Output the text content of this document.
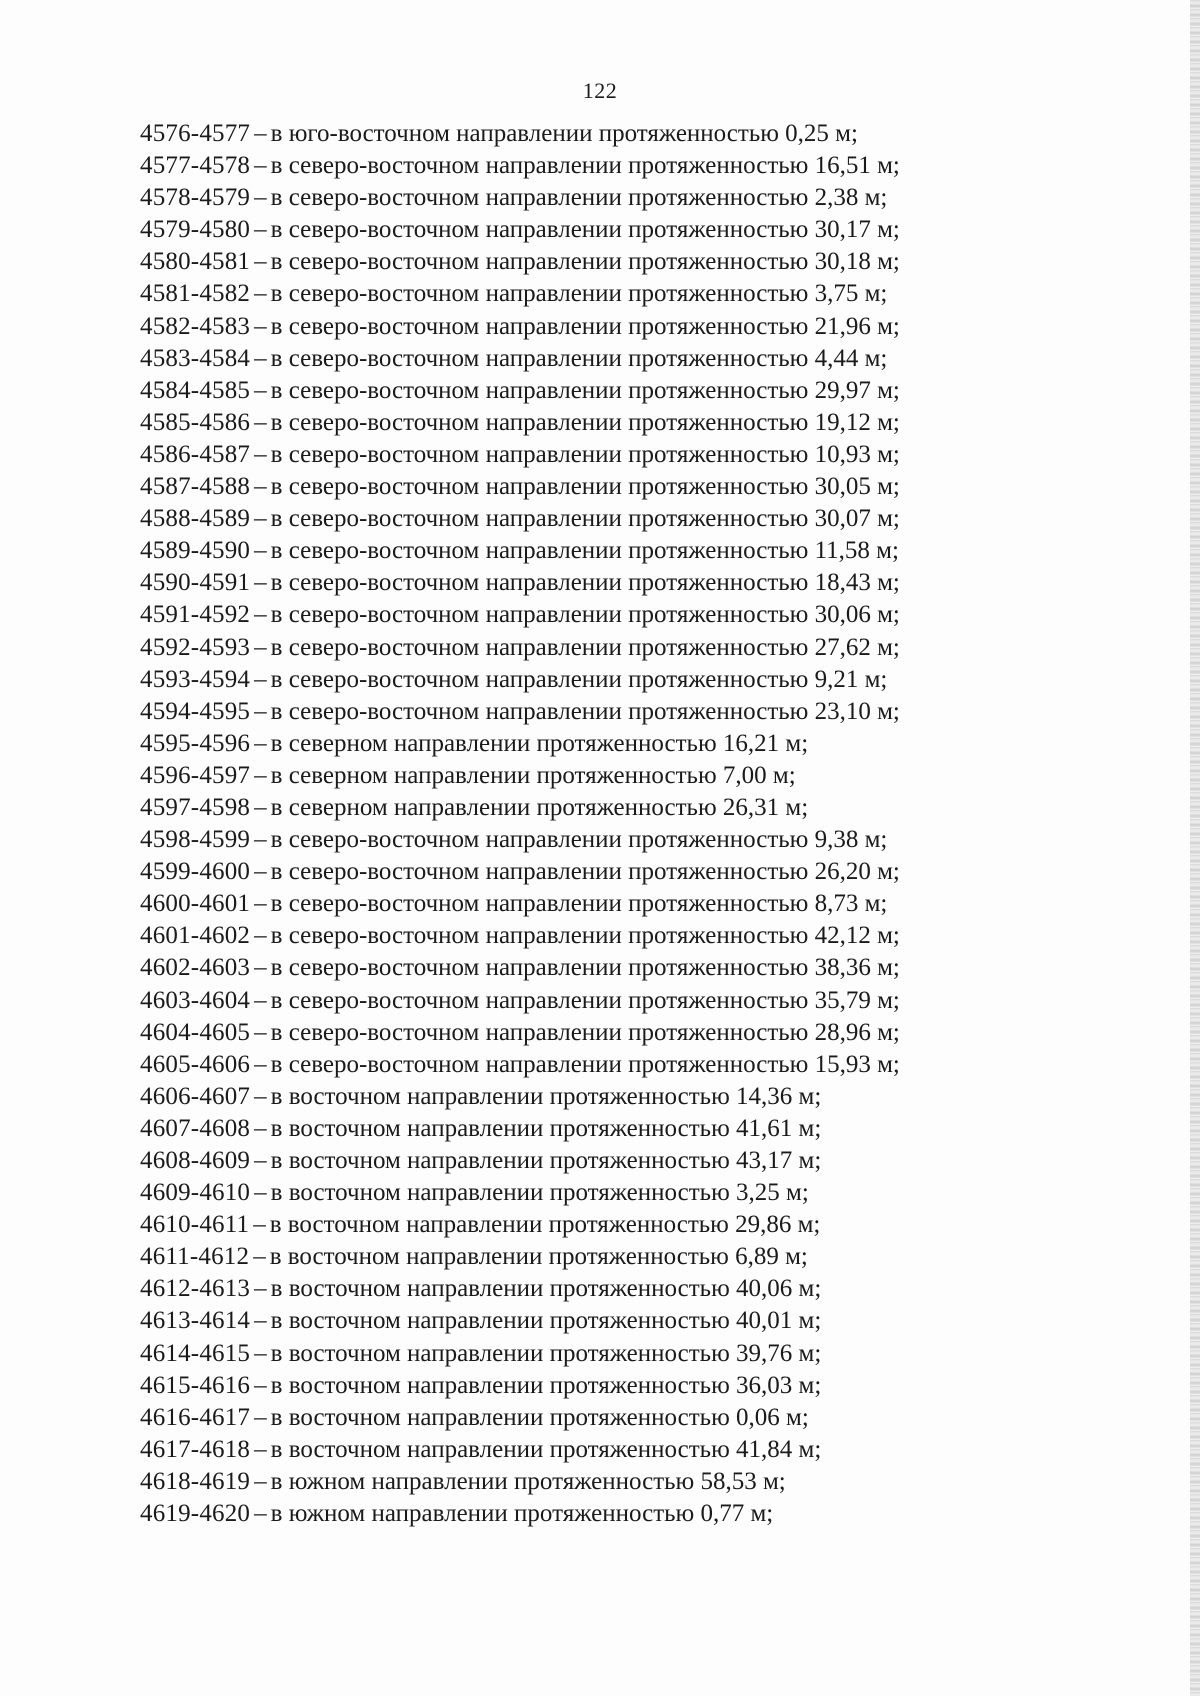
122
4576-4577 – в юго-восточном направлении протяженностью 0,25 м;
4577-4578 – в северо-восточном направлении протяженностью 16,51 м;
4578-4579 – в северо-восточном направлении протяженностью 2,38 м;
4579-4580 – в северо-восточном направлении протяженностью 30,17 м;
4580-4581 – в северо-восточном направлении протяженностью 30,18 м;
4581-4582 – в северо-восточном направлении протяженностью 3,75 м;
4582-4583 – в северо-восточном направлении протяженностью 21,96 м;
4583-4584 – в северо-восточном направлении протяженностью 4,44 м;
4584-4585 – в северо-восточном направлении протяженностью 29,97 м;
4585-4586 – в северо-восточном направлении протяженностью 19,12 м;
4586-4587 – в северо-восточном направлении протяженностью 10,93 м;
4587-4588 – в северо-восточном направлении протяженностью 30,05 м;
4588-4589 – в северо-восточном направлении протяженностью 30,07 м;
4589-4590 – в северо-восточном направлении протяженностью 11,58 м;
4590-4591 – в северо-восточном направлении протяженностью 18,43 м;
4591-4592 – в северо-восточном направлении протяженностью 30,06 м;
4592-4593 – в северо-восточном направлении протяженностью 27,62 м;
4593-4594 – в северо-восточном направлении протяженностью 9,21 м;
4594-4595 – в северо-восточном направлении протяженностью 23,10 м;
4595-4596 – в северном направлении протяженностью 16,21 м;
4596-4597 – в северном направлении протяженностью 7,00 м;
4597-4598 – в северном направлении протяженностью 26,31 м;
4598-4599 – в северо-восточном направлении протяженностью 9,38 м;
4599-4600 – в северо-восточном направлении протяженностью 26,20 м;
4600-4601 – в северо-восточном направлении протяженностью 8,73 м;
4601-4602 – в северо-восточном направлении протяженностью 42,12 м;
4602-4603 – в северо-восточном направлении протяженностью 38,36 м;
4603-4604 – в северо-восточном направлении протяженностью 35,79 м;
4604-4605 – в северо-восточном направлении протяженностью 28,96 м;
4605-4606 – в северо-восточном направлении протяженностью 15,93 м;
4606-4607 – в восточном направлении протяженностью 14,36 м;
4607-4608 – в восточном направлении протяженностью 41,61 м;
4608-4609 – в восточном направлении протяженностью 43,17 м;
4609-4610 – в восточном направлении протяженностью 3,25 м;
4610-4611 – в восточном направлении протяженностью 29,86 м;
4611-4612 – в восточном направлении протяженностью 6,89 м;
4612-4613 – в восточном направлении протяженностью 40,06 м;
4613-4614 – в восточном направлении протяженностью 40,01 м;
4614-4615 – в восточном направлении протяженностью 39,76 м;
4615-4616 – в восточном направлении протяженностью 36,03 м;
4616-4617 – в восточном направлении протяженностью 0,06 м;
4617-4618 – в восточном направлении протяженностью 41,84 м;
4618-4619 – в южном направлении протяженностью 58,53 м;
4619-4620 – в южном направлении протяженностью 0,77 м;
